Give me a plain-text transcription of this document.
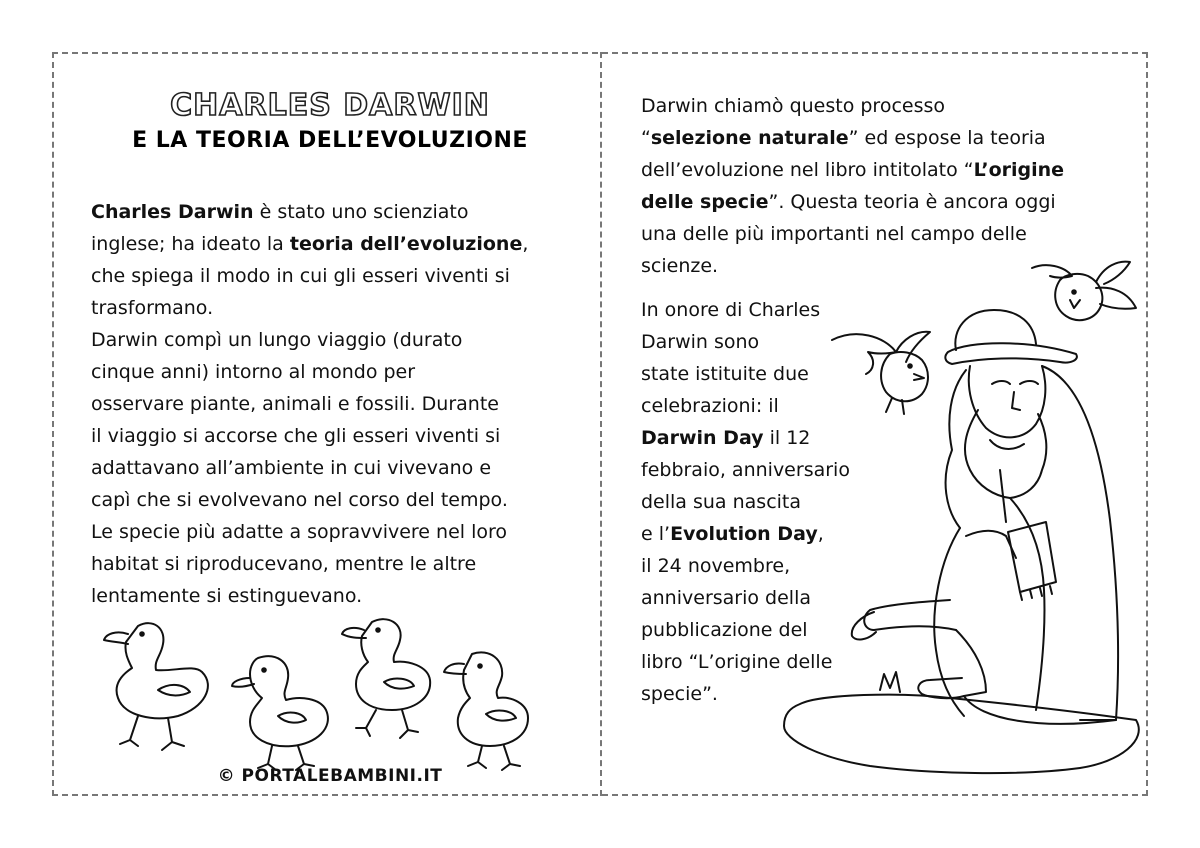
CHARLES DARWIN
E LA TEORIA DELL’EVOLUZIONE
Charles Darwin è stato uno scienziato
inglese; ha ideato la teoria dell’evoluzione,
che spiega il modo in cui gli esseri viventi si
trasformano.
Darwin compì un lungo viaggio (durato
cinque anni) intorno al mondo per
osservare piante, animali e fossili. Durante
il viaggio si accorse che gli esseri viventi si
adattavano all’ambiente in cui vivevano e
capì che si evolvevano nel corso del tempo.
Le specie più adatte a sopravvivere nel loro
habitat si riproducevano, mentre le altre
lentamente si estinguevano.
Darwin chiamò questo processo
“selezione naturale” ed espose la teoria
dell’evoluzione nel libro intitolato “L’origine
delle specie”. Questa teoria è ancora oggi
una delle più importanti nel campo delle
scienze.
In onore di Charles
Darwin sono
state istituite due
celebrazioni: il
Darwin Day il 12
febbraio, anniversario
della sua nascita
e l’Evolution Day,
il 24 novembre,
anniversario della
pubblicazione del
libro “L’origine delle
specie”.
© PORTALEBAMBINI.IT
